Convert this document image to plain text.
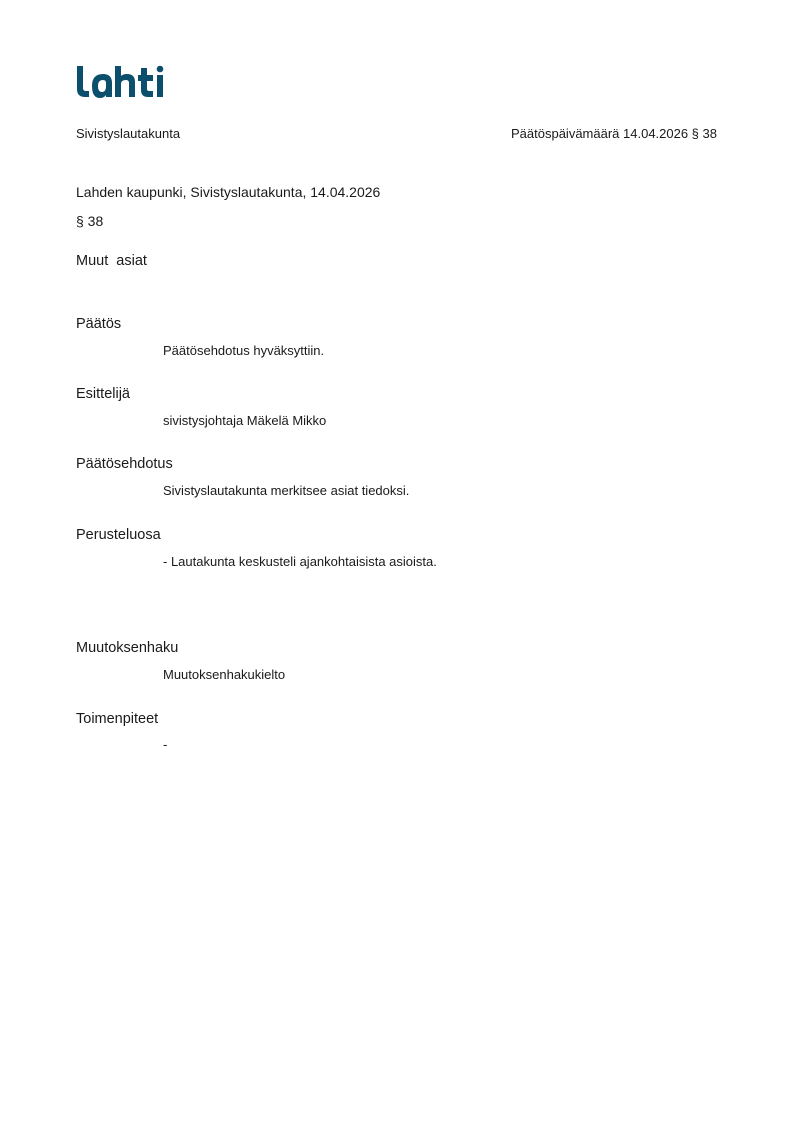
Sivistyslautakunta	Päätöspäivämäärä 14.04.2026 § 38
Lahden kaupunki, Sivistyslautakunta, 14.04.2026
§ 38
Muut  asiat
Päätös
Päätösehdotus hyväksyttiin.
Esittelijä
sivistysjohtaja Mäkelä Mikko
Päätösehdotus
Sivistyslautakunta merkitsee asiat tiedoksi.
Perusteluosa
- Lautakunta keskusteli ajankohtaisista asioista.
Muutoksenhaku
Muutoksenhakukielto
Toimenpiteet
-
